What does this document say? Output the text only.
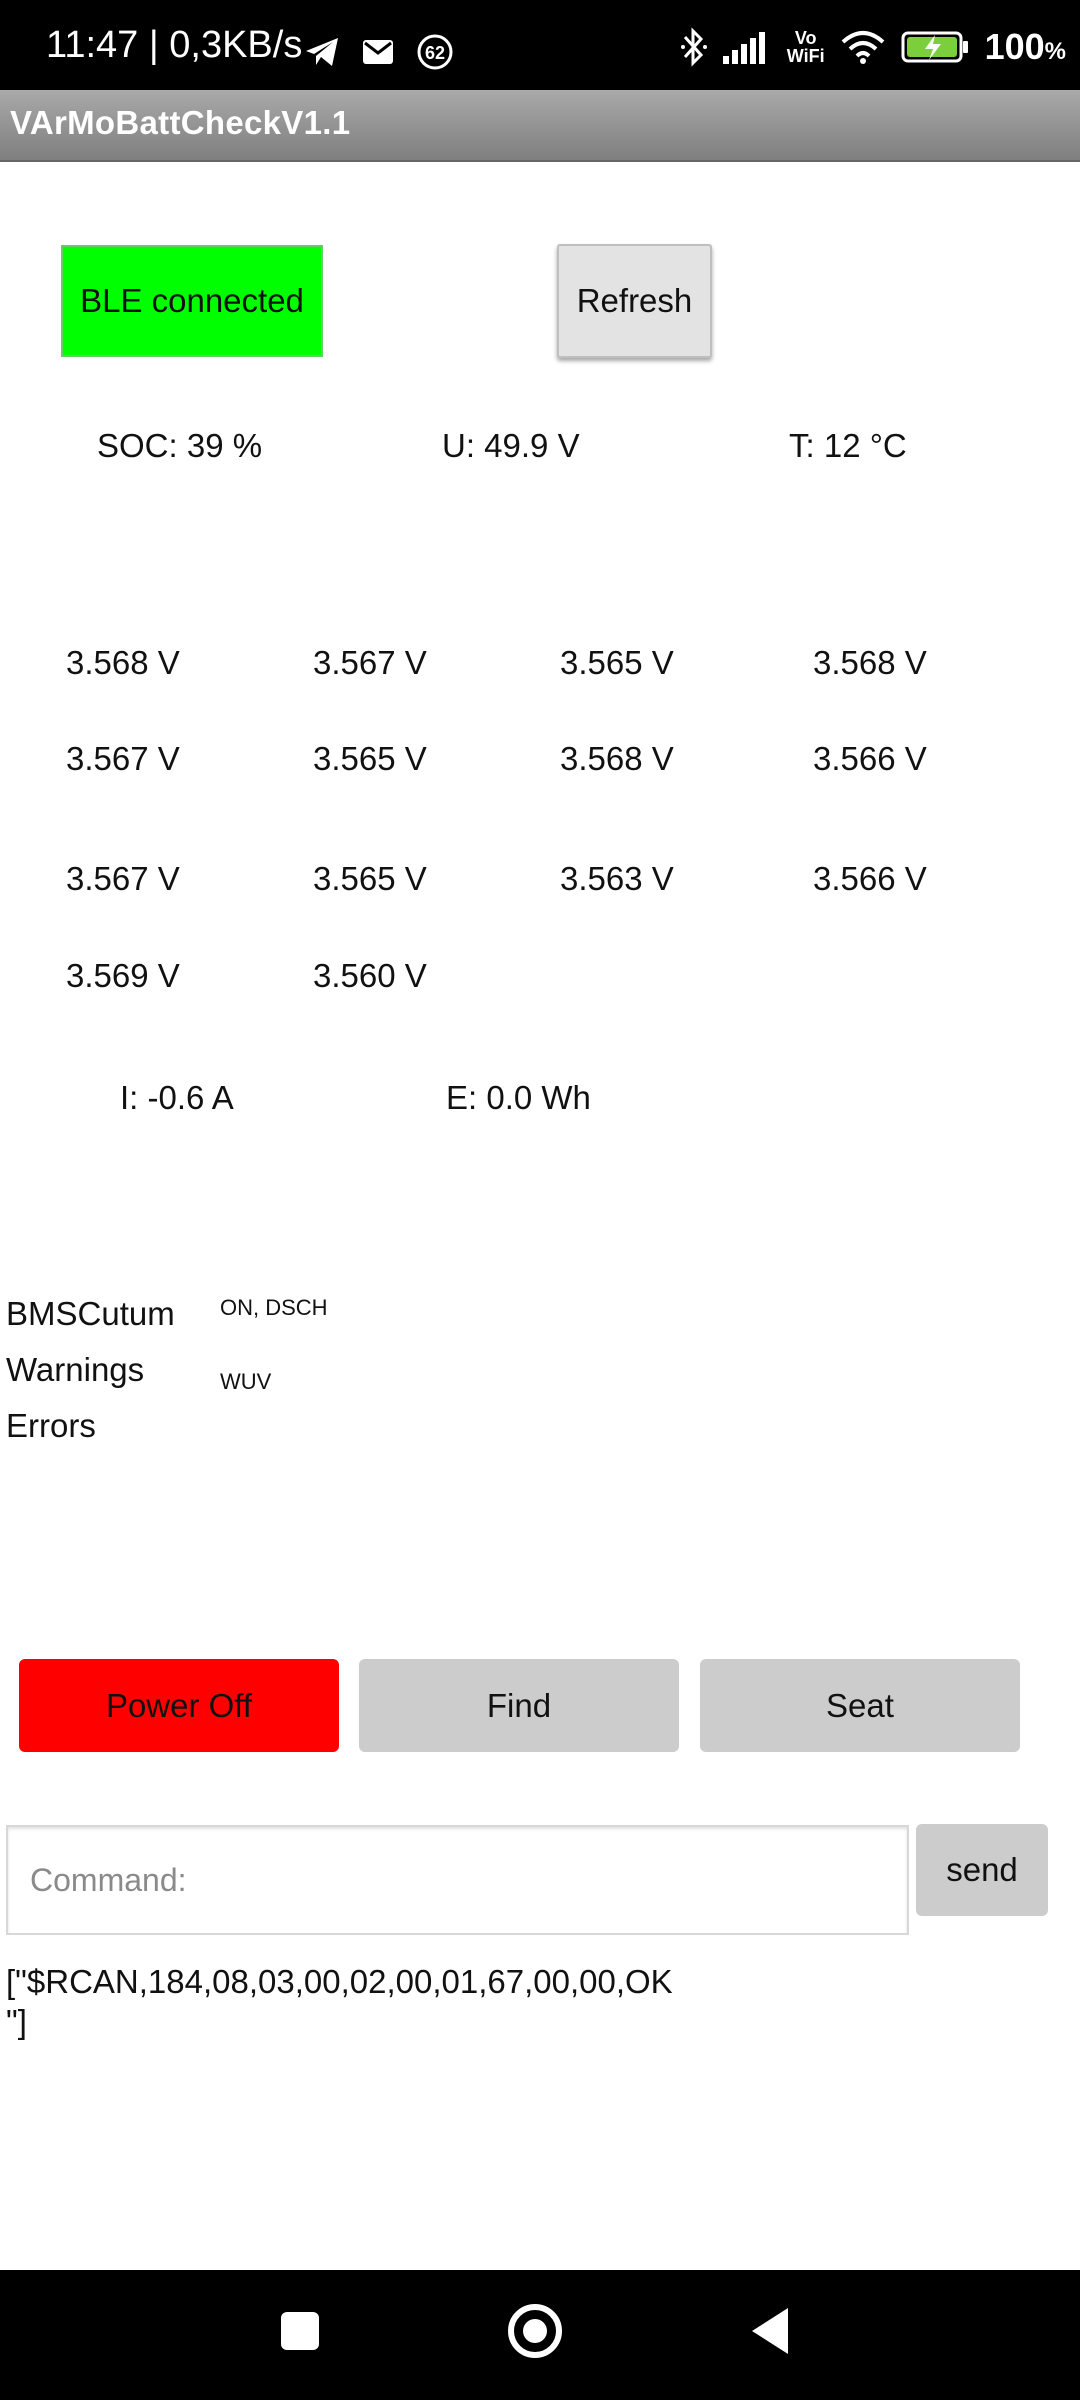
11:47 | 0,3KB/s	62
Vo
WiFi	100%
VArMoBattCheckV1.1
BLE connected	Refresh
SOC: 39 %	U: 49.9 V	T: 12 °C
3.568 V	3.567 V	3.565 V	3.568 V
3.567 V	3.565 V	3.568 V	3.566 V
3.567 V	3.565 V	3.563 V	3.566 V
3.569 V	3.560 V
I: -0.6 A	E: 0.0 Wh
BMSCutum ON, DSCH
Warnings	WUV
Errors
Power Off	Find	Seat
Command:
send
["$RCAN,184,08,03,00,02,00,01,67,00,00,OK
"]
